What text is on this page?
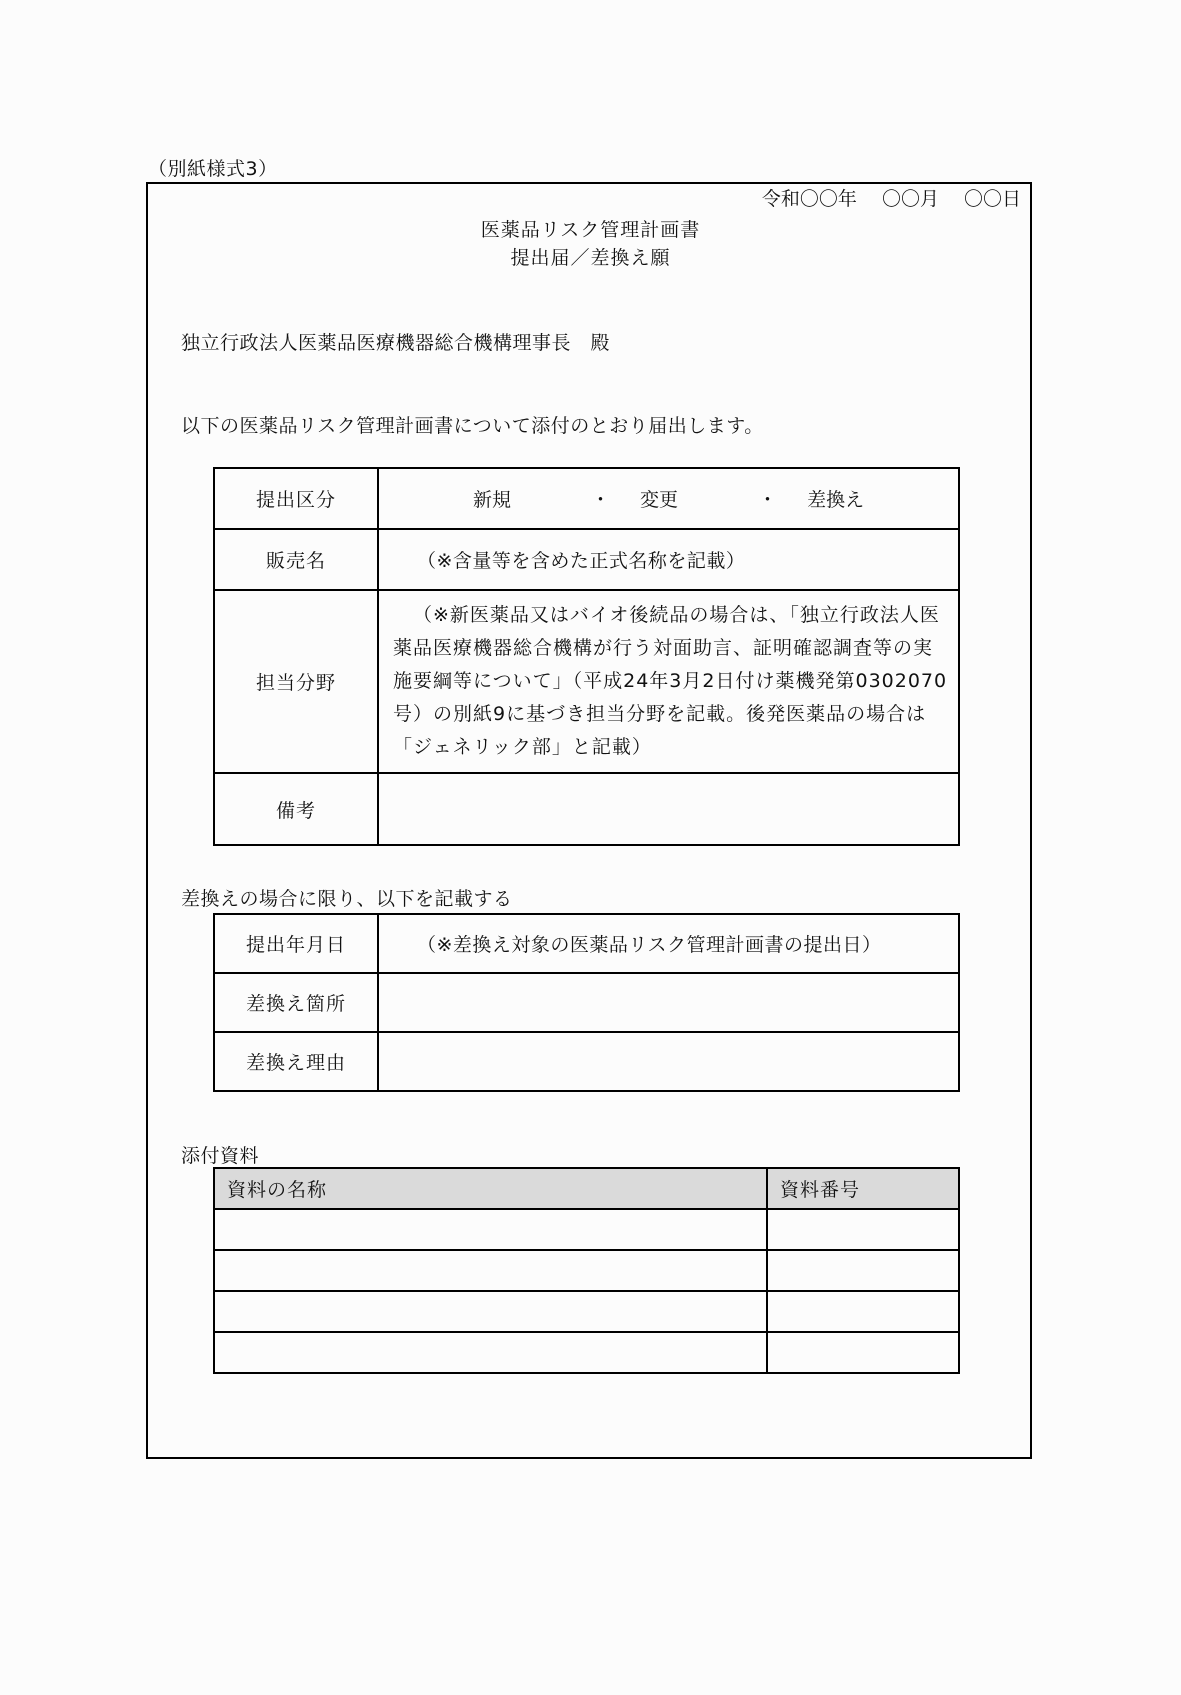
（別紙様式3）
令和〇〇年　 〇〇月　 〇〇日
医薬品リスク管理計画書
提出届／差換え願
独立行政法人医薬品医療機器総合機構理事長　殿
以下の医薬品リスク管理計画書について添付のとおり届出します。
提出区分	新規 ・ 変更 ・ 差換え

販売名	（※含量等を含めた正式名称を記載）
担当分野	（※新医薬品又はバイオ後続品の場合は、「独立行政法人医薬品医療機器総合機構が行う対面助言、証明確認調査等の実施要綱等について」（平成24年3月2日付け薬機発第0302070号）の別紙9に基づき担当分野を記載。後発医薬品の場合は「ジェネリック部」と記載）
備考	
差換えの場合に限り、以下を記載する
提出年月日	（※差換え対象の医薬品リスク管理計画書の提出日）
差換え箇所	
差換え理由	
添付資料
資料の名称	資料番号
